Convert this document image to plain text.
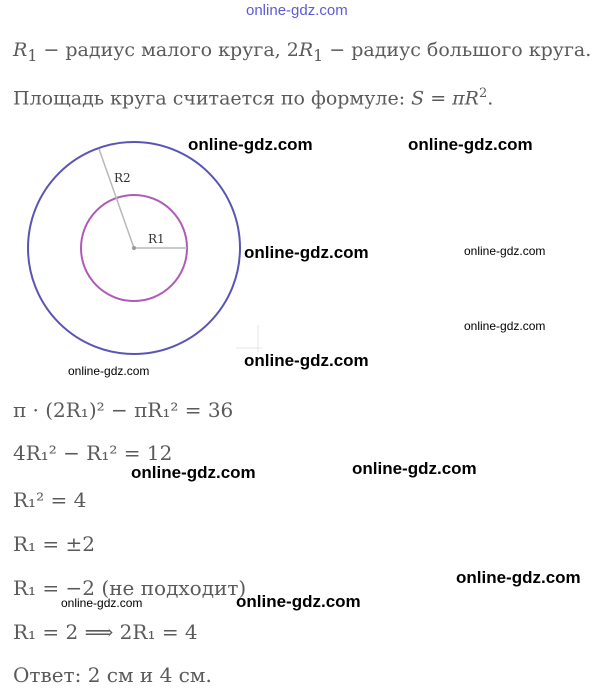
online-gdz.com
$R_1$ − радиус малого круга, $2R_1$ − радиус большого круга.
Площадь круга считается по формуле: $S = \pi R^2$.
R2
R1
online-gdz.com	online-gdz.com
online-gdz.com	online-gdz.com
online-gdz.com
online-gdz.com
online-gdz.com
π · (2R₁)² − πR₁² = 36
4R₁² − R₁² = 12
online-gdz.com	online-gdz.com
R₁² = 4
R₁ = ±2
R₁ = −2 (не подходит)	online-gdz.com
online-gdz.com	online-gdz.com
R₁ = 2 ⟹ 2R₁ = 4
Ответ: 2 см и 4 см.
